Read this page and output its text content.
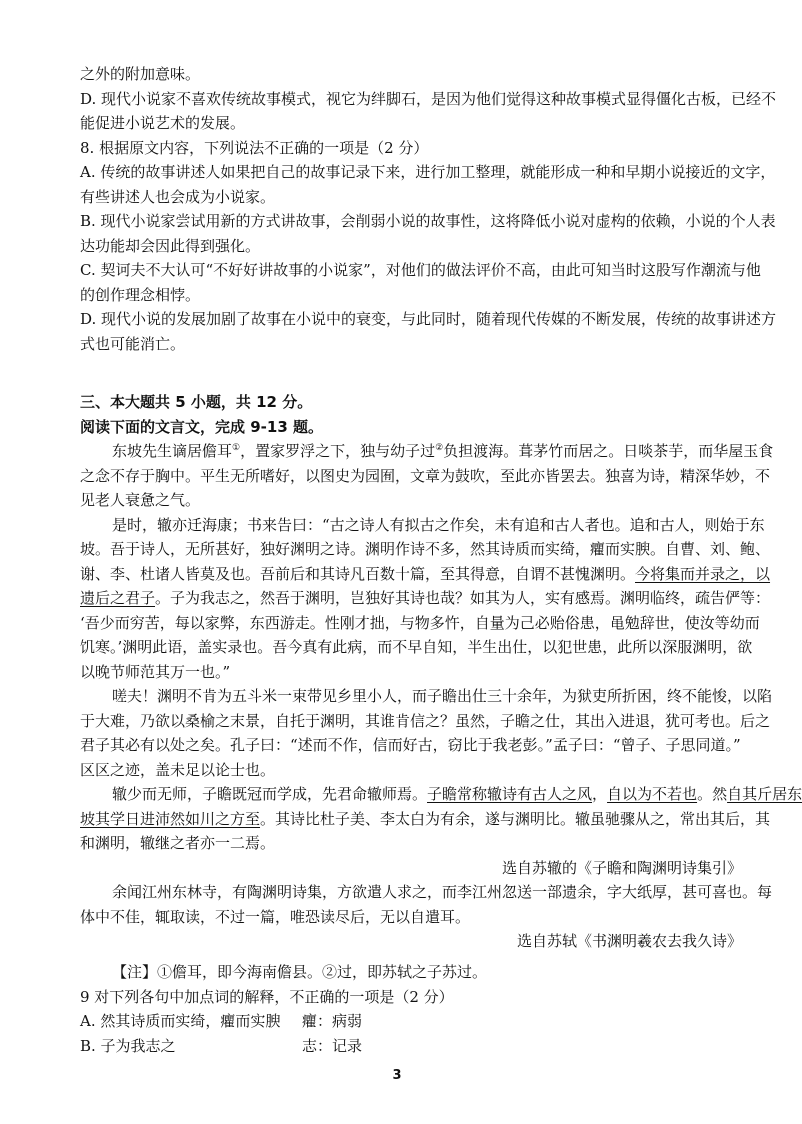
之外的附加意味。
D. 现代小说家不喜欢传统故事模式，视它为绊脚石，是因为他们觉得这种故事模式显得僵化古板，已经不
能促进小说艺术的发展。
8. 根据原文内容，下列说法不正确的一项是（2 分）
A. 传统的故事讲述人如果把自己的故事记录下来，进行加工整理，就能形成一种和早期小说接近的文字，
有些讲述人也会成为小说家。
B. 现代小说家尝试用新的方式讲故事，会削弱小说的故事性，这将降低小说对虚构的依赖，小说的个人表
达功能却会因此得到强化。
C. 契诃夫不大认可“不好好讲故事的小说家”，对他们的做法评价不高，由此可知当时这股写作潮流与他
的创作理念相悖。
D. 现代小说的发展加剧了故事在小说中的衰变，与此同时，随着现代传媒的不断发展，传统的故事讲述方
式也可能消亡。
三、本大题共 5 小题，共 12 分。
阅读下面的文言文，完成 9-13 题。
东坡先生谪居儋耳①，置家罗浮之下，独与幼子过②负担渡海。葺茅竹而居之。日啖茶芋，而华屋玉食
之念不存于胸中。平生无所嗜好，以图史为园囿，文章为鼓吹，至此亦皆罢去。独喜为诗，精深华妙，不
见老人衰惫之气。
是时，辙亦迁海康；书来告曰：“古之诗人有拟古之作矣，未有追和古人者也。追和古人，则始于东
坡。吾于诗人，无所甚好，独好渊明之诗。渊明作诗不多，然其诗质而实绮，癯而实腴。自曹、刘、鲍、
谢、李、杜诸人皆莫及也。吾前后和其诗凡百数十篇，至其得意，自谓不甚愧渊明。今将集而并录之，以
遗后之君子。子为我志之，然吾于渊明，岂独好其诗也哉？如其为人，实有感焉。渊明临终，疏告俨等：
‘吾少而穷苦，每以家弊，东西游走。性刚才拙，与物多忤，自量为己必贻俗患，黾勉辞世，使汝等幼而
饥寒。’渊明此语，盖实录也。吾今真有此病，而不早自知，半生出仕，以犯世患，此所以深服渊明，欲
以晚节师范其万一也。”
嗟夫！渊明不肯为五斗米一束带见乡里小人，而子瞻出仕三十余年，为狱吏所折困，终不能悛，以陷
于大难，乃欲以桑榆之末景，自托于渊明，其谁肯信之？虽然，子瞻之仕，其出入进退，犹可考也。后之
君子其必有以处之矣。孔子曰：“述而不作，信而好古，窃比于我老彭。”孟子曰：“曾子、子思同道。”
区区之迹，盖未足以论士也。
辙少而无师，子瞻既冠而学成，先君命辙师焉。子瞻常称辙诗有古人之风，自以为不若也。然自其斤居东
坡其学日进沛然如川之方至。其诗比杜子美、李太白为有余，遂与渊明比。辙虽驰骤从之，常出其后，其
和渊明，辙继之者亦一二焉。
选自苏辙的《子瞻和陶渊明诗集引》
余闻江州东林寺，有陶渊明诗集，方欲遣人求之，而李江州忽送一部遗余，字大纸厚，甚可喜也。每
体中不佳，辄取读，不过一篇，唯恐读尽后，无以自遣耳。
选自苏轼《书渊明羲农去我久诗》
【注】①儋耳，即今海南儋县。②过，即苏轼之子苏过。
9 对下列各句中加点词的解释，不正确的一项是（2 分）
A. 然其诗质而实绮，癯而实腴 癯：病弱
B. 子为我志之	志：记录
3
